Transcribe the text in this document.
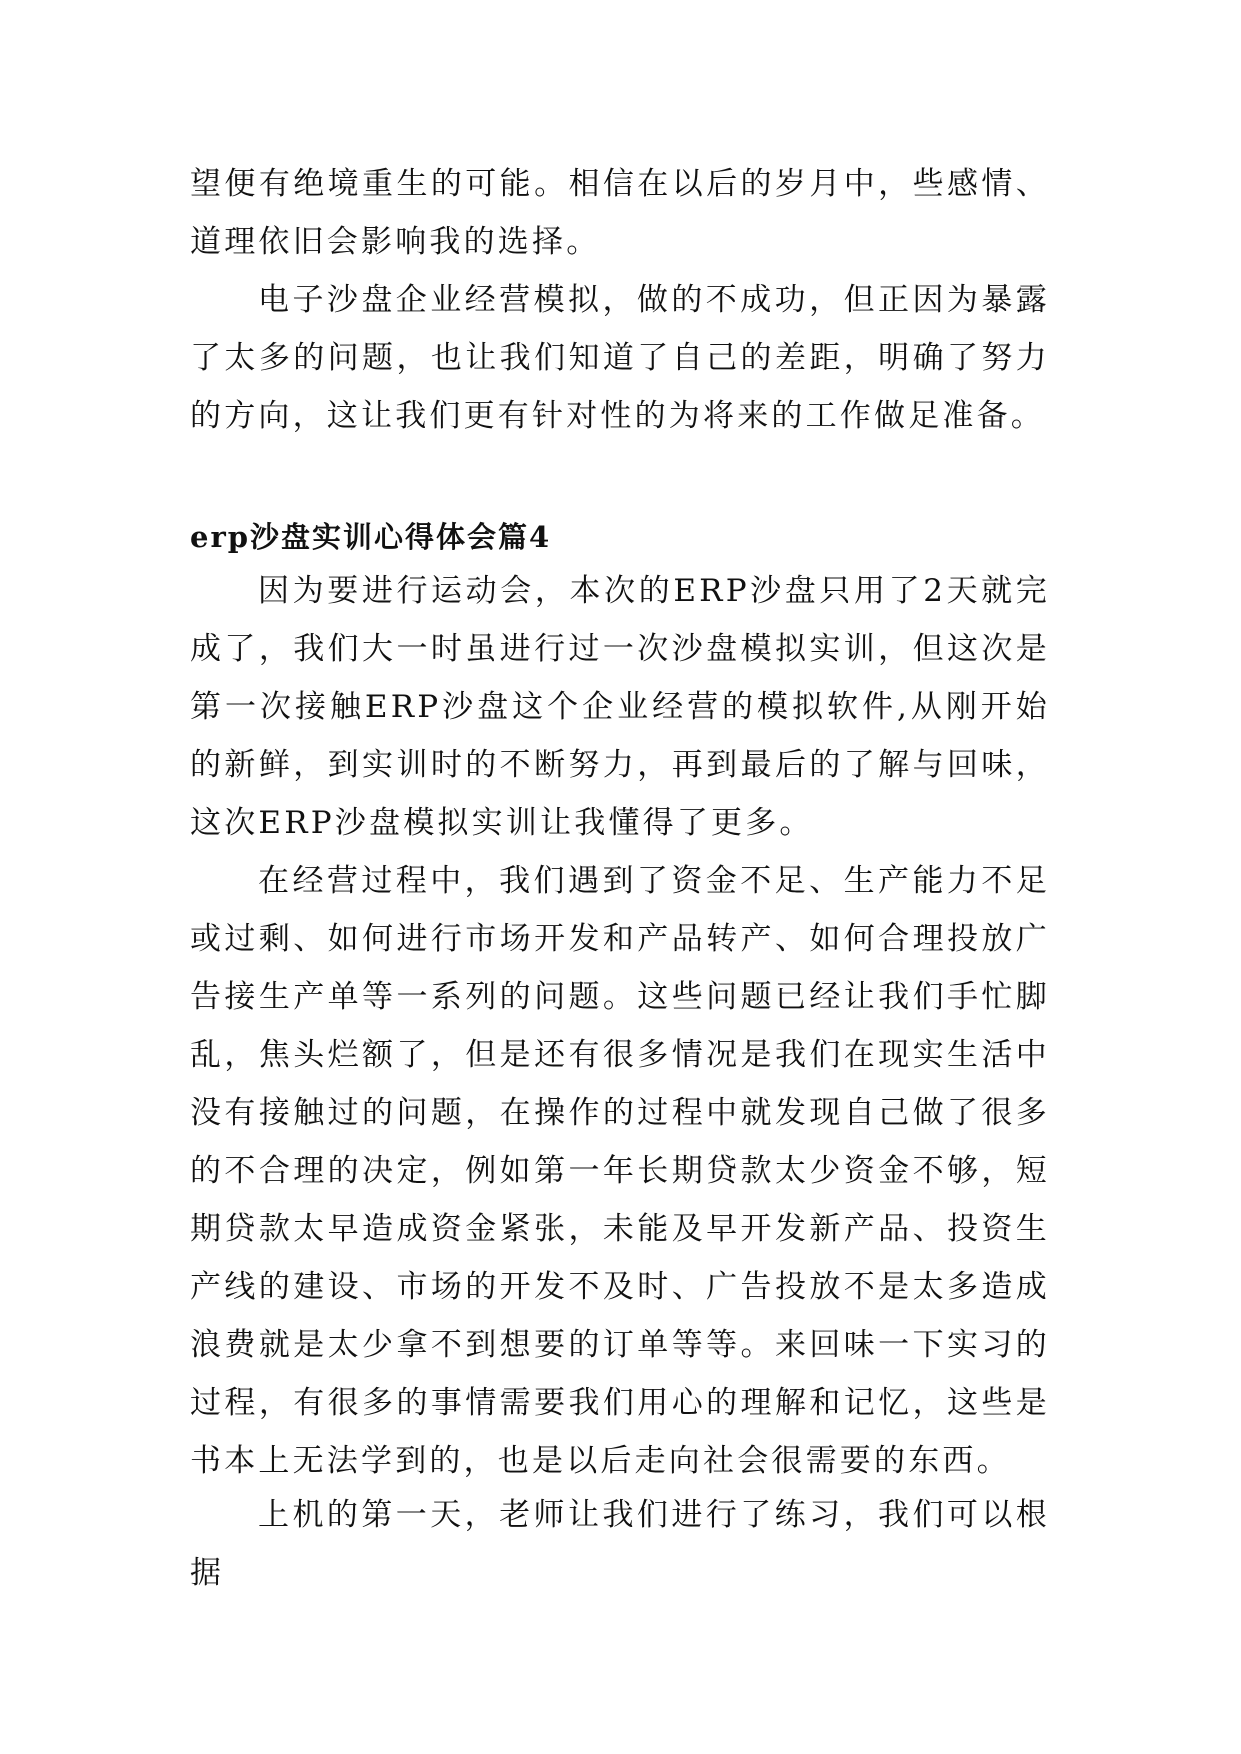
望便有绝境重生的可能。相信在以后的岁月中，些感情、道理依旧会影响我的选择。

电子沙盘企业经营模拟，做的不成功，但正因为暴露了太多的问题，也让我们知道了自己的差距，明确了努力的方向，这让我们更有针对性的为将来的工作做足准备。

erp沙盘实训心得体会篇4

因为要进行运动会，本次的ERP沙盘只用了2天就完成了，我们大一时虽进行过一次沙盘模拟实训，但这次是第一次接触ERP沙盘这个企业经营的模拟软件,从刚开始的新鲜，到实训时的不断努力，再到最后的了解与回味，这次ERP沙盘模拟实训让我懂得了更多。

在经营过程中，我们遇到了资金不足、生产能力不足或过剩、如何进行市场开发和产品转产、如何合理投放广告接生产单等一系列的问题。这些问题已经让我们手忙脚乱，焦头烂额了，但是还有很多情况是我们在现实生活中没有接触过的问题，在操作的过程中就发现自己做了很多的不合理的决定，例如第一年长期贷款太少资金不够，短期贷款太早造成资金紧张，未能及早开发新产品、投资生产线的建设、市场的开发不及时、广告投放不是太多造成浪费就是太少拿不到想要的订单等等。来回味一下实习的过程，有很多的事情需要我们用心的理解和记忆，这些是书本上无法学到的，也是以后走向社会很需要的东西。

上机的第一天，老师让我们进行了练习，我们可以根据
